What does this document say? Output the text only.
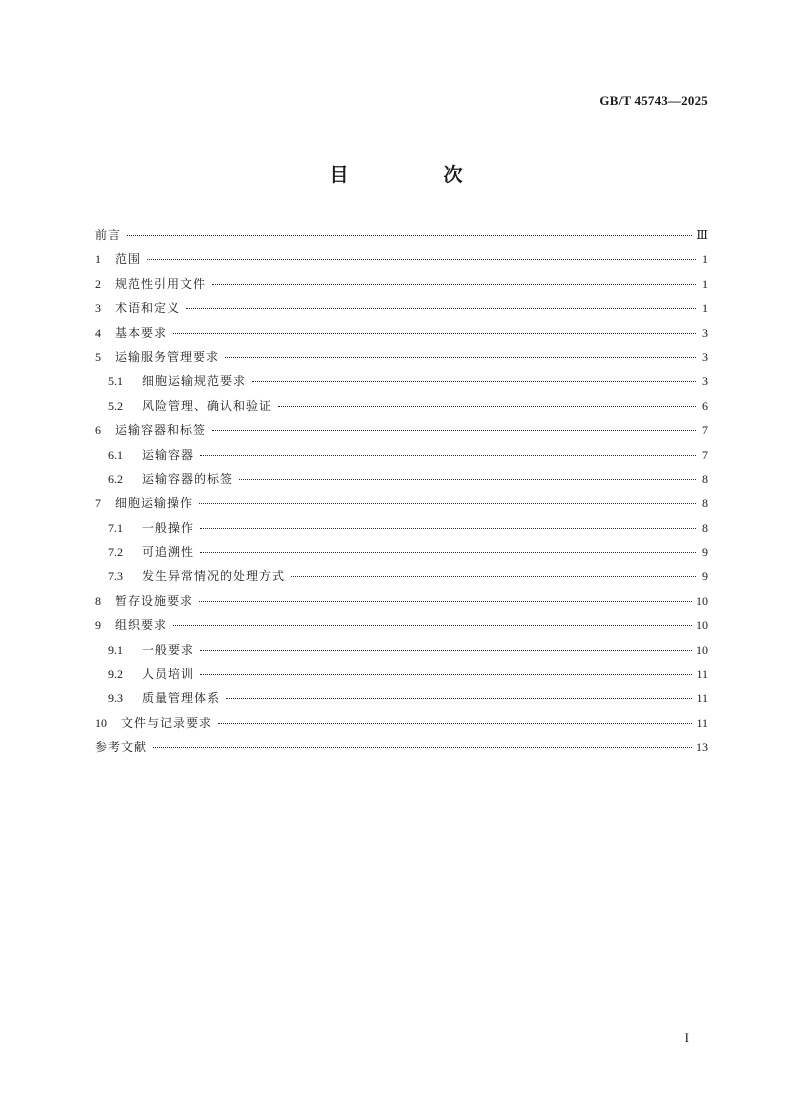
GB/T 45743—2025
目　次
前言	Ⅲ
1	范围	1
2	规范性引用文件	1
3	术语和定义	1
4	基本要求	3
5	运输服务管理要求	3
5.1	细胞运输规范要求	3
5.2	风险管理、确认和验证	6
6	运输容器和标签	7
6.1	运输容器	7
6.2	运输容器的标签	8
7	细胞运输操作	8
7.1	一般操作	8
7.2	可追溯性	9
7.3	发生异常情况的处理方式	9
8	暂存设施要求	10
9	组织要求	10
9.1	一般要求	10
9.2	人员培训	11
9.3	质量管理体系	11
10	文件与记录要求	11
参考文献	13
I
